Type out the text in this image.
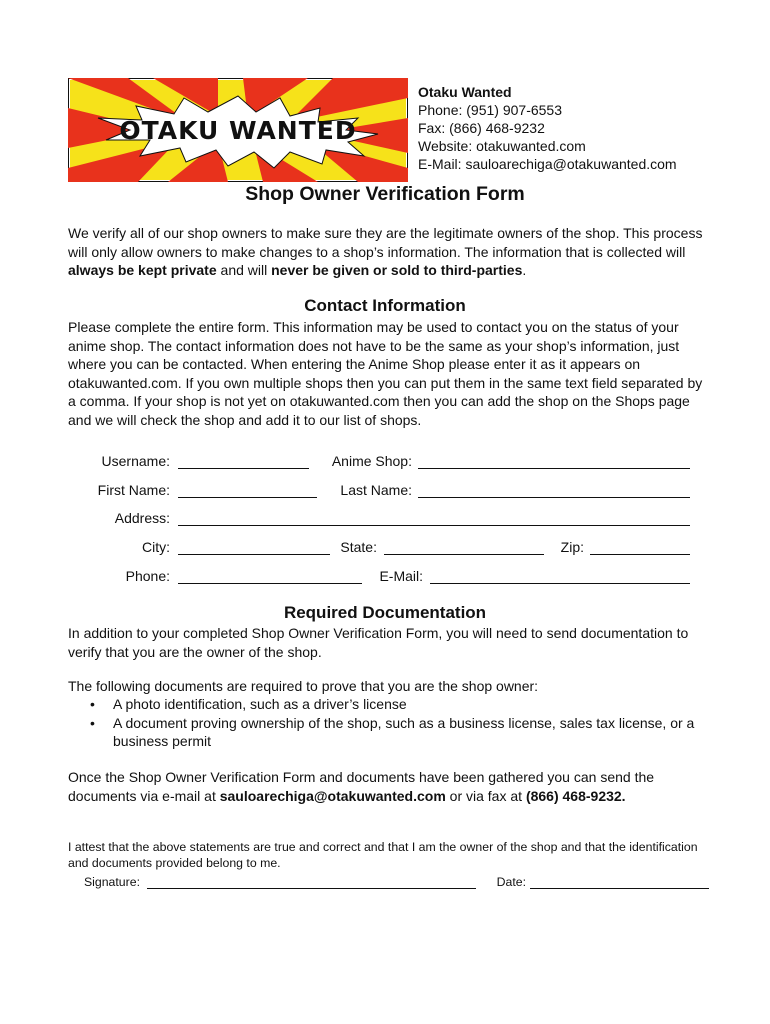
OTAKU WANTED
Otaku Wanted
Phone: (951) 907-6553
Fax: (866) 468-9232
Website: otakuwanted.com
E-Mail: sauloarechiga@otakuwanted.com
Shop Owner Verification Form

We verify all of our shop owners to make sure they are the legitimate owners of the shop. This process will only allow owners to make changes to a shop’s information. The information that is collected will always be kept private and will never be given or sold to third-parties.

Contact Information

Please complete the entire form. This information may be used to contact you on the status of your anime shop. The contact information does not have to be the same as your shop’s information, just where you can be contacted. When entering the Anime Shop please enter it as it appears on otakuwanted.com. If you own multiple shops then you can put them in the same text field separated by a comma. If your shop is not yet on otakuwanted.com then you can add the shop on the Shops page and we will check the shop and add it to our list of shops.

Username:	Anime Shop:
First Name:	Last Name:
Address:
City:	State:	Zip:
Phone:	E-Mail:
Required Documentation

In addition to your completed Shop Owner Verification Form, you will need to send documentation to verify that you are the owner of the shop.

The following documents are required to prove that you are the shop owner:

• A photo identification, such as a driver’s license
• A document proving ownership of the shop, such as a business license, sales tax license, or a business permit

Once the Shop Owner Verification Form and documents have been gathered you can send the documents via e-mail at sauloarechiga@otakuwanted.com or via fax at (866) 468-9232.

I attest that the above statements are true and correct and that I am the owner of the shop and that the identification and documents provided belong to me.

Signature:	Date:
